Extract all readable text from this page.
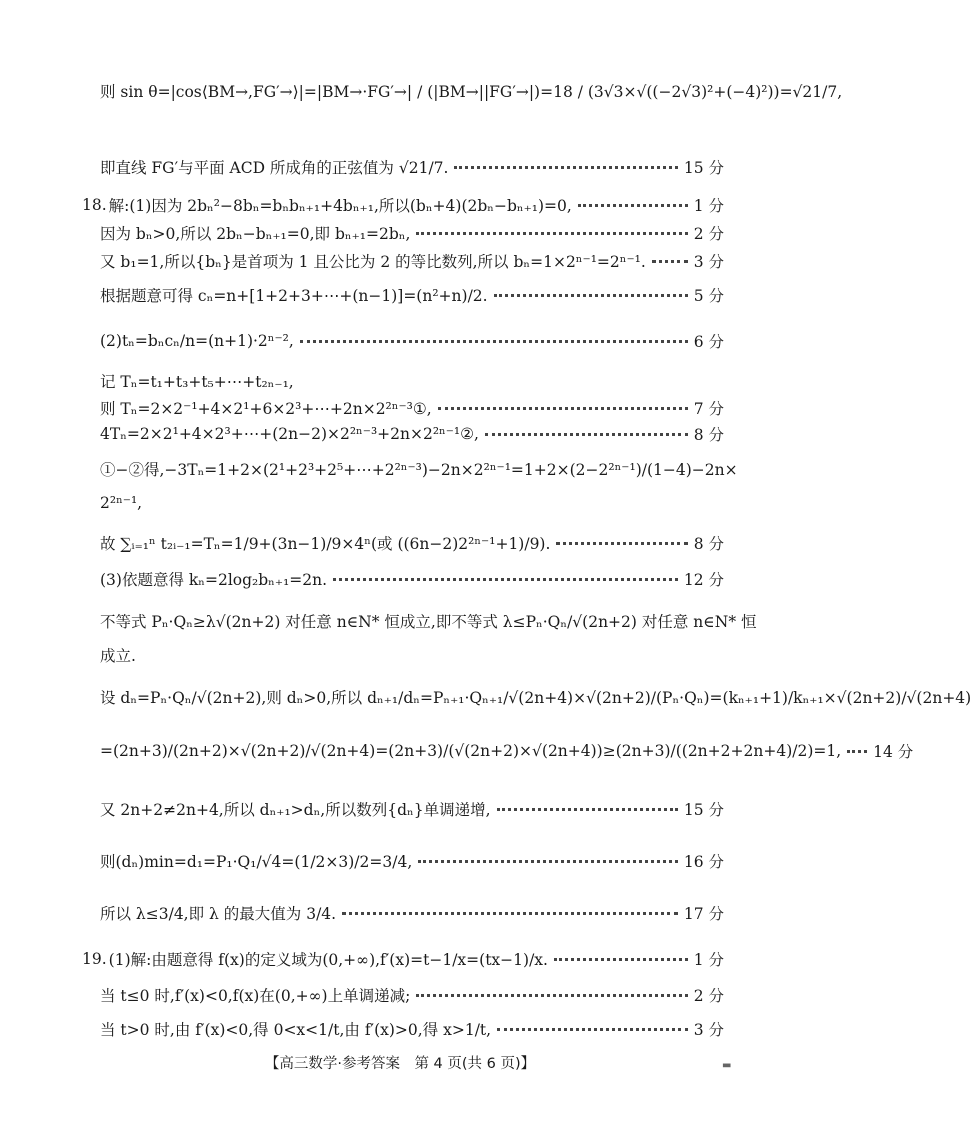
则 sin θ=|cos⟨BM→,FG′→⟩|=|BM→·FG′→| / (|BM→||FG′→|)=18 / (3√3×√((−2√3)²+(−4)²))=√21/7,
即直线 FG′与平面 ACD 所成角的正弦值为 √21/7.	15 分
18. 解:(1)因为 2bₙ²−8bₙ=bₙbₙ₊₁+4bₙ₊₁,所以(bₙ+4)(2bₙ−bₙ₊₁)=0,	1 分
因为 bₙ>0,所以 2bₙ−bₙ₊₁=0,即 bₙ₊₁=2bₙ,	2 分
又 b₁=1,所以{bₙ}是首项为 1 且公比为 2 的等比数列,所以 bₙ=1×2ⁿ⁻¹=2ⁿ⁻¹.	3 分
根据题意可得 cₙ=n+[1+2+3+⋯+(n−1)]=(n²+n)/2.	5 分
(2)tₙ=bₙcₙ/n=(n+1)·2ⁿ⁻²,	6 分
记 Tₙ=t₁+t₃+t₅+⋯+t₂ₙ₋₁,
则 Tₙ=2×2⁻¹+4×2¹+6×2³+⋯+2n×2²ⁿ⁻³①,	7 分
4Tₙ=2×2¹+4×2³+⋯+(2n−2)×2²ⁿ⁻³+2n×2²ⁿ⁻¹②,	8 分
①−②得,−3Tₙ=1+2×(2¹+2³+2⁵+⋯+2²ⁿ⁻³)−2n×2²ⁿ⁻¹=1+2×(2−2²ⁿ⁻¹)/(1−4)−2n×
2²ⁿ⁻¹,
故 ∑ᵢ₌₁ⁿ t₂ᵢ₋₁=Tₙ=1/9+(3n−1)/9×4ⁿ(或 ((6n−2)2²ⁿ⁻¹+1)/9).	8 分
(3)依题意得 kₙ=2log₂bₙ₊₁=2n.	12 分
不等式 Pₙ·Qₙ≥λ√(2n+2) 对任意 n∈N* 恒成立,即不等式 λ≤Pₙ·Qₙ/√(2n+2) 对任意 n∈N* 恒
成立.
设 dₙ=Pₙ·Qₙ/√(2n+2),则 dₙ>0,所以 dₙ₊₁/dₙ=Pₙ₊₁·Qₙ₊₁/√(2n+4)×√(2n+2)/(Pₙ·Qₙ)=(kₙ₊₁+1)/kₙ₊₁×√(2n+2)/√(2n+4)
=(2n+3)/(2n+2)×√(2n+2)/√(2n+4)=(2n+3)/(√(2n+2)×√(2n+4))≥(2n+3)/((2n+2+2n+4)/2)=1, 14 分
又 2n+2≠2n+4,所以 dₙ₊₁>dₙ,所以数列{dₙ}单调递增,	15 分
则(dₙ)min=d₁=P₁·Q₁/√4=(1/2×3)/2=3/4,	16 分
所以 λ≤3/4,即 λ 的最大值为 3/4.	17 分
19. (1)解:由题意得 f(x)的定义域为(0,+∞),f′(x)=t−1/x=(tx−1)/x.	1 分
当 t≤0 时,f′(x)<0,f(x)在(0,+∞)上单调递减;	2 分
当 t>0 时,由 f′(x)<0,得 0<x<1/t,由 f′(x)>0,得 x>1/t,	3 分
【高三数学·参考答案　第 4 页(共 6 页)】	▬
